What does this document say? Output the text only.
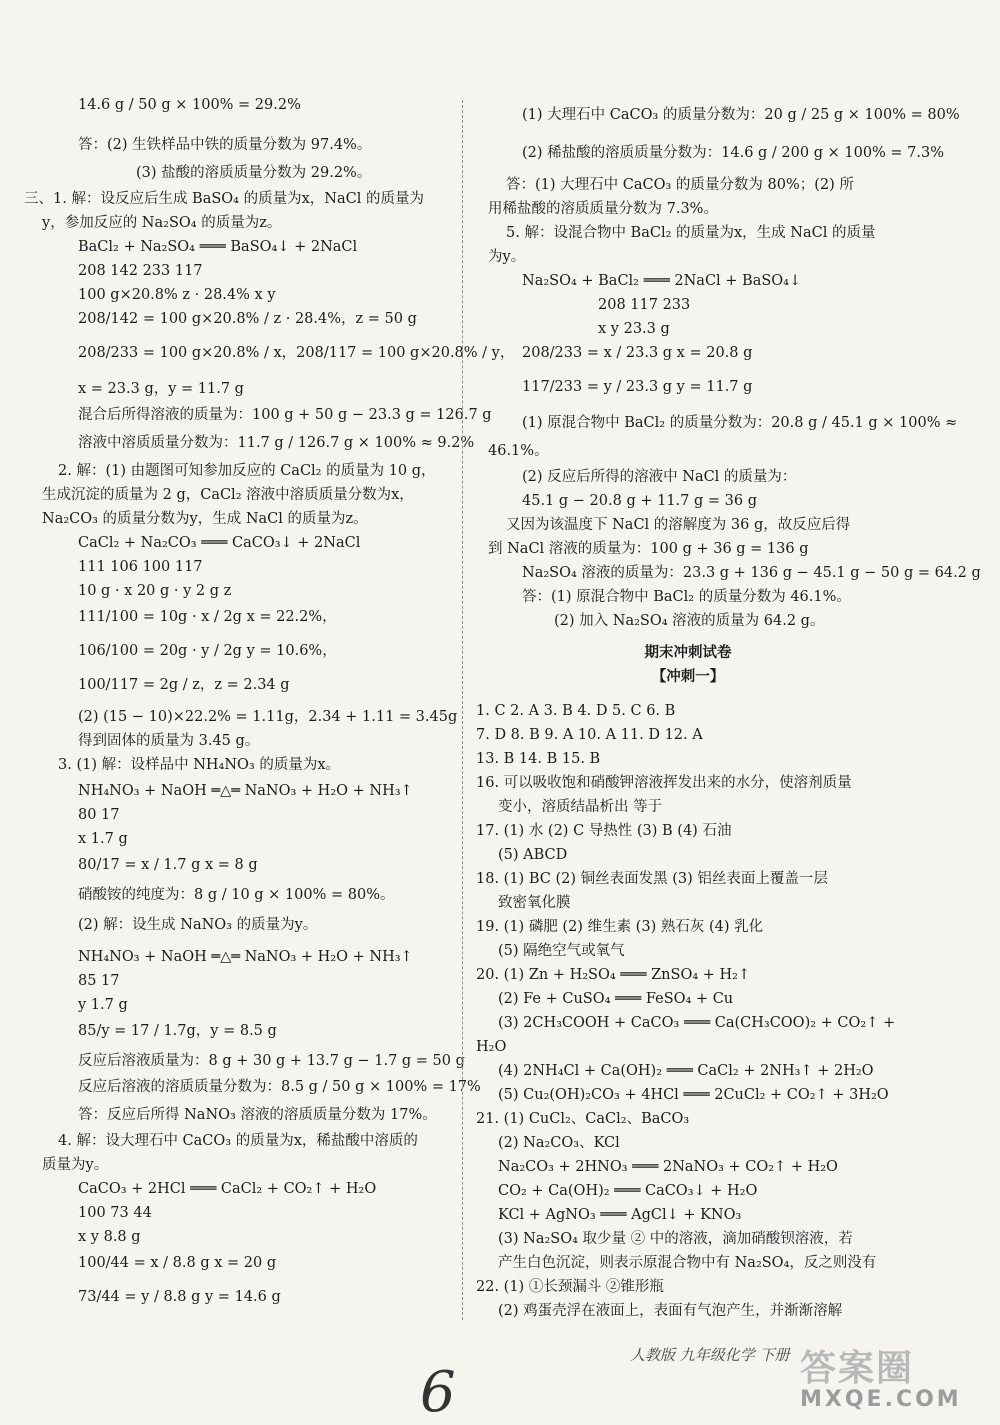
14.6 g / 50 g × 100% = 29.2%
答：(2) 生铁样品中铁的质量分数为 97.4%。
(3) 盐酸的溶质质量分数为 29.2%。
三、1. 解：设反应后生成 BaSO₄ 的质量为x，NaCl 的质量为
y，参加反应的 Na₂SO₄ 的质量为z。
BaCl₂ + Na₂SO₄ ═══ BaSO₄↓ + 2NaCl
208 142 233 117
100 g×20.8% z · 28.4% x y
208/142 = 100 g×20.8% / z · 28.4%，z = 50 g
208/233 = 100 g×20.8% / x，208/117 = 100 g×20.8% / y，
x = 23.3 g，y = 11.7 g
混合后所得溶液的质量为：100 g + 50 g − 23.3 g = 126.7 g
溶液中溶质质量分数为：11.7 g / 126.7 g × 100% ≈ 9.2%
2. 解：(1) 由题图可知参加反应的 CaCl₂ 的质量为 10 g，
生成沉淀的质量为 2 g，CaCl₂ 溶液中溶质质量分数为x，
Na₂CO₃ 的质量分数为y，生成 NaCl 的质量为z。
CaCl₂ + Na₂CO₃ ═══ CaCO₃↓ + 2NaCl
111 106 100 117
10 g · x 20 g · y 2 g z
111/100 = 10g · x / 2g x = 22.2%，
106/100 = 20g · y / 2g y = 10.6%，
100/117 = 2g / z，z = 2.34 g
(2) (15 − 10)×22.2% = 1.11g，2.34 + 1.11 = 3.45g
得到固体的质量为 3.45 g。
3. (1) 解：设样品中 NH₄NO₃ 的质量为x。
NH₄NO₃ + NaOH ═△═ NaNO₃ + H₂O + NH₃↑
80 17
x 1.7 g
80/17 = x / 1.7 g x = 8 g
硝酸铵的纯度为：8 g / 10 g × 100% = 80%。
(2) 解：设生成 NaNO₃ 的质量为y。
NH₄NO₃ + NaOH ═△═ NaNO₃ + H₂O + NH₃↑
85 17
y 1.7 g
85/y = 17 / 1.7g，y = 8.5 g
反应后溶液质量为：8 g + 30 g + 13.7 g − 1.7 g = 50 g
反应后溶液的溶质质量分数为：8.5 g / 50 g × 100% = 17%
答：反应后所得 NaNO₃ 溶液的溶质质量分数为 17%。
4. 解：设大理石中 CaCO₃ 的质量为x，稀盐酸中溶质的
质量为y。
CaCO₃ + 2HCl ═══ CaCl₂ + CO₂↑ + H₂O
100 73 44
x y 8.8 g
100/44 = x / 8.8 g x = 20 g
73/44 = y / 8.8 g y = 14.6 g
(1) 大理石中 CaCO₃ 的质量分数为：20 g / 25 g × 100% = 80%
(2) 稀盐酸的溶质质量分数为：14.6 g / 200 g × 100% = 7.3%
答：(1) 大理石中 CaCO₃ 的质量分数为 80%；(2) 所
用稀盐酸的溶质质量分数为 7.3%。
5. 解：设混合物中 BaCl₂ 的质量为x，生成 NaCl 的质量
为y。
Na₂SO₄ + BaCl₂ ═══ 2NaCl + BaSO₄↓
208 117 233
x y 23.3 g
208/233 = x / 23.3 g x = 20.8 g
117/233 = y / 23.3 g y = 11.7 g
(1) 原混合物中 BaCl₂ 的质量分数为：20.8 g / 45.1 g × 100% ≈
46.1%。
(2) 反应后所得的溶液中 NaCl 的质量为：
45.1 g − 20.8 g + 11.7 g = 36 g
又因为该温度下 NaCl 的溶解度为 36 g，故反应后得
到 NaCl 溶液的质量为：100 g + 36 g = 136 g
Na₂SO₄ 溶液的质量为：23.3 g + 136 g − 45.1 g − 50 g = 64.2 g
答：(1) 原混合物中 BaCl₂ 的质量分数为 46.1%。
(2) 加入 Na₂SO₄ 溶液的质量为 64.2 g。
期末冲刺试卷
【冲刺一】
1. C 2. A 3. B 4. D 5. C 6. B
7. D 8. B 9. A 10. A 11. D 12. A
13. B 14. B 15. B
16. 可以吸收饱和硝酸钾溶液挥发出来的水分，使溶剂质量
变小，溶质结晶析出 等于
17. (1) 水 (2) C 导热性 (3) B (4) 石油
(5) ABCD
18. (1) BC (2) 铜丝表面发黑 (3) 铝丝表面上覆盖一层
致密氧化膜
19. (1) 磷肥 (2) 维生素 (3) 熟石灰 (4) 乳化
(5) 隔绝空气或氧气
20. (1) Zn + H₂SO₄ ═══ ZnSO₄ + H₂↑
(2) Fe + CuSO₄ ═══ FeSO₄ + Cu
(3) 2CH₃COOH + CaCO₃ ═══ Ca(CH₃COO)₂ + CO₂↑ +
H₂O
(4) 2NH₄Cl + Ca(OH)₂ ═══ CaCl₂ + 2NH₃↑ + 2H₂O
(5) Cu₂(OH)₂CO₃ + 4HCl ═══ 2CuCl₂ + CO₂↑ + 3H₂O
21. (1) CuCl₂、CaCl₂、BaCO₃
(2) Na₂CO₃、KCl
Na₂CO₃ + 2HNO₃ ═══ 2NaNO₃ + CO₂↑ + H₂O
CO₂ + Ca(OH)₂ ═══ CaCO₃↓ + H₂O
KCl + AgNO₃ ═══ AgCl↓ + KNO₃
(3) Na₂SO₄ 取少量 ② 中的溶液，滴加硝酸钡溶液，若
产生白色沉淀，则表示原混合物中有 Na₂SO₄，反之则没有
22. (1) ①长颈漏斗 ②锥形瓶
(2) 鸡蛋壳浮在液面上，表面有气泡产生，并渐渐溶解
6
人教版 九年级化学 下册 答案圈
MXQE.COM
